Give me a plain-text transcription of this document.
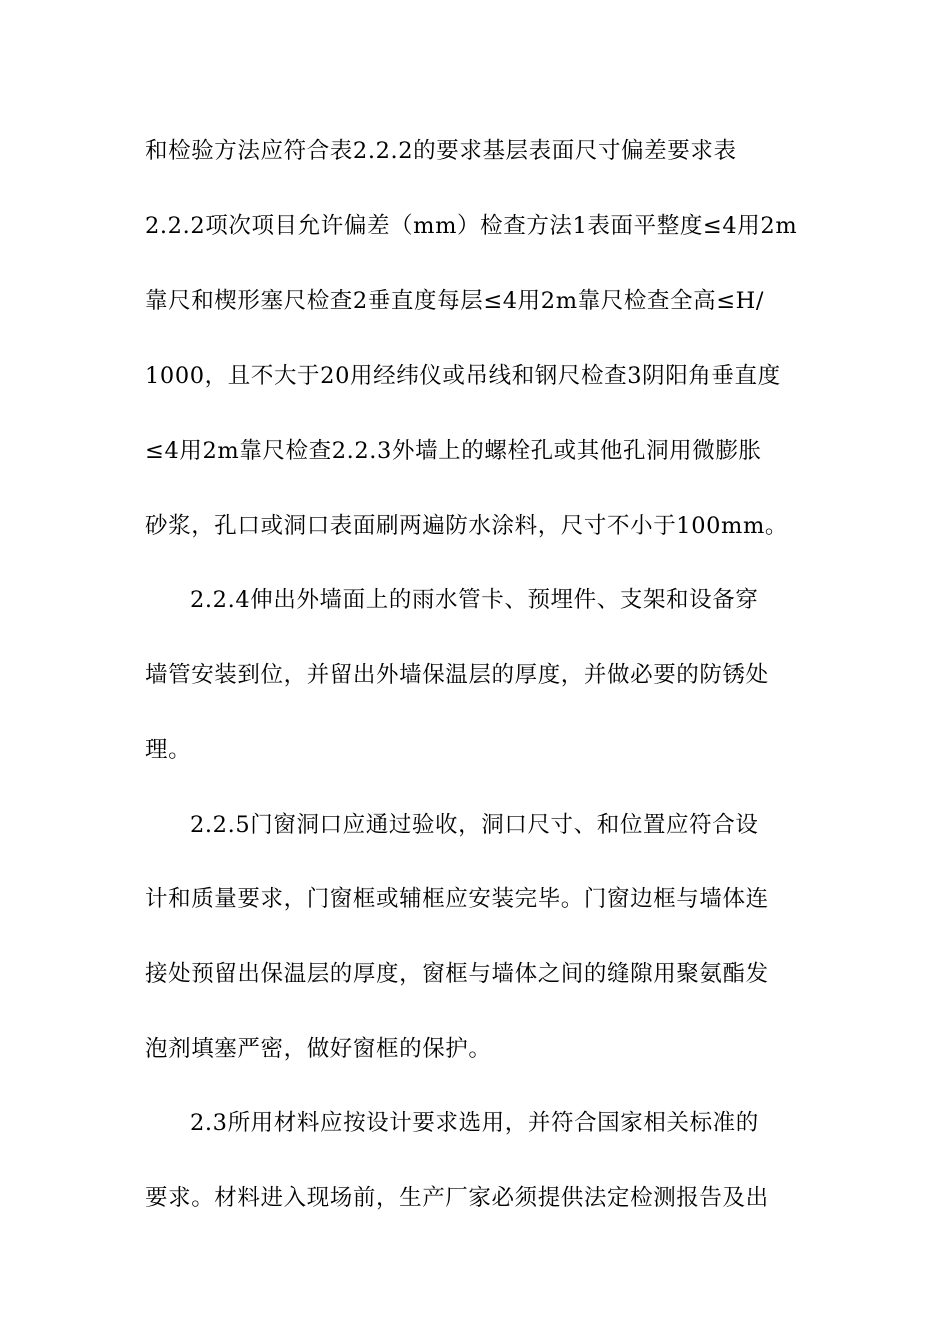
和检验方法应符合表2.2.2的要求基层表面尺寸偏差要求表
2.2.2项次项目允许偏差（mm）检查方法1表面平整度≤4用2m
靠尺和楔形塞尺检查2垂直度每层≤4用2m靠尺检查全高≤H/
1000，且不大于20用经纬仪或吊线和钢尺检查3阴阳角垂直度
≤4用2m靠尺检查2.2.3外墙上的螺栓孔或其他孔洞用微膨胀
砂浆，孔口或洞口表面刷两遍防水涂料，尺寸不小于100mm。
2.2.4伸出外墙面上的雨水管卡、预埋件、支架和设备穿
墙管安装到位，并留出外墙保温层的厚度，并做必要的防锈处
理。
2.2.5门窗洞口应通过验收，洞口尺寸、和位置应符合设
计和质量要求，门窗框或辅框应安装完毕。门窗边框与墙体连
接处预留出保温层的厚度，窗框与墙体之间的缝隙用聚氨酯发
泡剂填塞严密，做好窗框的保护。
2.3所用材料应按设计要求选用，并符合国家相关标准的
要求。材料进入现场前，生产厂家必须提供法定检测报告及出
